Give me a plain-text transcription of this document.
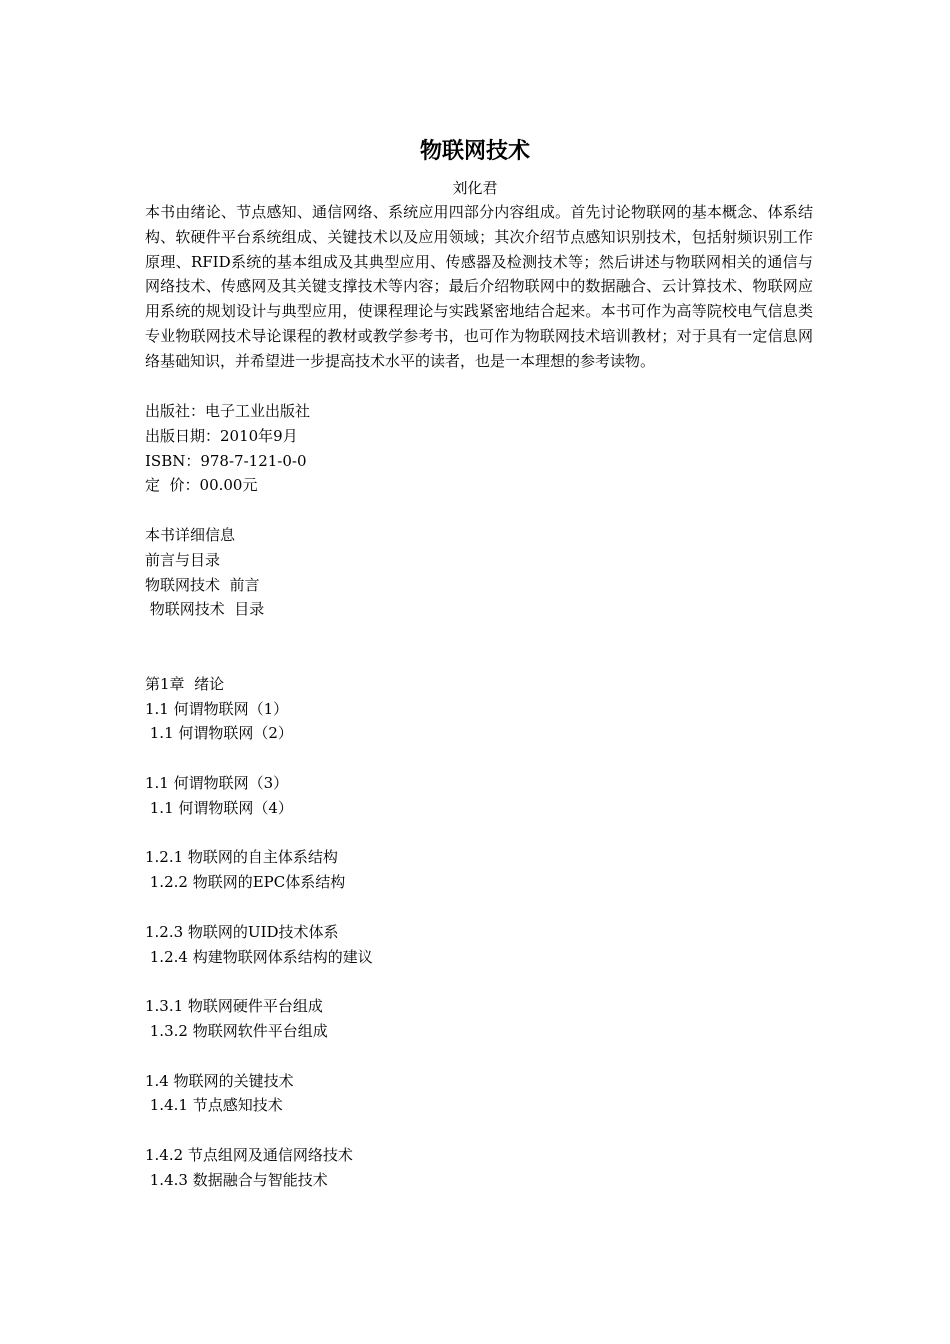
物联网技术
刘化君

本书由绪论、节点感知、通信网络、系统应用四部分内容组成。首先讨论物联网的基本概念、体系结构、软硬件平台系统组成、关键技术以及应用领域；其次介绍节点感知识别技术，包括射频识别工作原理、RFID系统的基本组成及其典型应用、传感器及检测技术等；然后讲述与物联网相关的通信与网络技术、传感网及其关键支撑技术等内容；最后介绍物联网中的数据融合、云计算技术、物联网应用系统的规划设计与典型应用，使课程理论与实践紧密地结合起来。本书可作为高等院校电气信息类专业物联网技术导论课程的教材或教学参考书，也可作为物联网技术培训教材；对于具有一定信息网络基础知识，并希望进一步提高技术水平的读者，也是一本理想的参考读物。

出版社：电子工业出版社
出版日期：2010年9月
ISBN：978-7-121-0-0
定  价：00.00元
本书详细信息
前言与目录
物联网技术  前言
物联网技术  目录
第1章  绪论
1.1 何谓物联网（1）
1.1 何谓物联网（2）
1.1 何谓物联网（3）
1.1 何谓物联网（4）
1.2.1 物联网的自主体系结构
1.2.2 物联网的EPC体系结构
1.2.3 物联网的UID技术体系
1.2.4 构建物联网体系结构的建议
1.3.1 物联网硬件平台组成
1.3.2 物联网软件平台组成
1.4 物联网的关键技术
1.4.1 节点感知技术
1.4.2 节点组网及通信网络技术
1.4.3 数据融合与智能技术
